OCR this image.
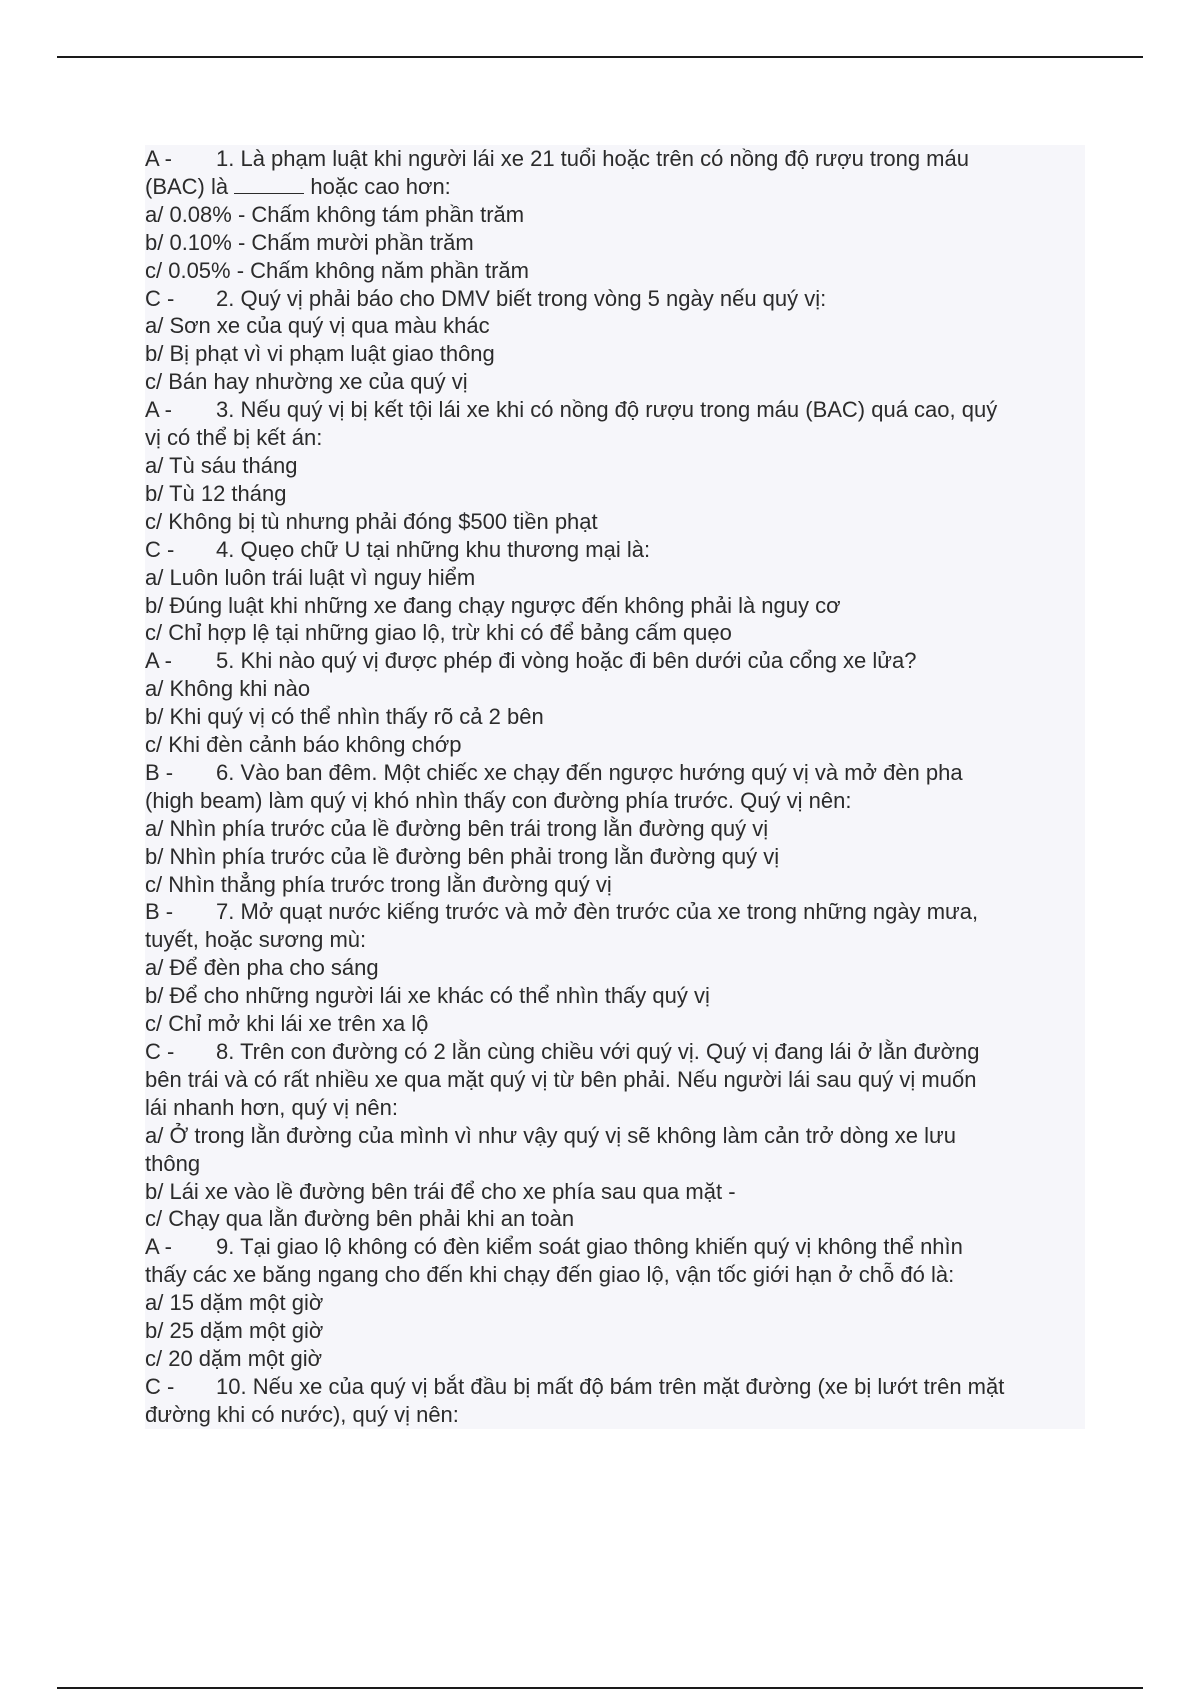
A - 1. Là phạm luật khi người lái xe 21 tuổi hoặc trên có nồng độ rượu trong máu
(BAC) là	hoặc cao hơn:
a/ 0.08% - Chấm không tám phần trăm
b/ 0.10% - Chấm mười phần trăm
c/ 0.05% - Chấm không năm phần trăm
C - 2. Quý vị phải báo cho DMV biết trong vòng 5 ngày nếu quý vị:
a/ Sơn xe của quý vị qua màu khác
b/ Bị phạt vì vi phạm luật giao thông
c/ Bán hay nhường xe của quý vị
A - 3. Nếu quý vị bị kết tội lái xe khi có nồng độ rượu trong máu (BAC) quá cao, quý
vị có thể bị kết án:
a/ Tù sáu tháng
b/ Tù 12 tháng
c/ Không bị tù nhưng phải đóng $500 tiền phạt
C - 4. Quẹo chữ U tại những khu thương mại là:
a/ Luôn luôn trái luật vì nguy hiểm
b/ Đúng luật khi những xe đang chạy ngược đến không phải là nguy cơ
c/ Chỉ hợp lệ tại những giao lộ, trừ khi có để bảng cấm quẹo
A - 5. Khi nào quý vị được phép đi vòng hoặc đi bên dưới của cổng xe lửa?
a/ Không khi nào
b/ Khi quý vị có thể nhìn thấy rõ cả 2 bên
c/ Khi đèn cảnh báo không chớp
B - 6. Vào ban đêm. Một chiếc xe chạy đến ngược hướng quý vị và mở đèn pha
(high beam) làm quý vị khó nhìn thấy con đường phía trước. Quý vị nên:
a/ Nhìn phía trước của lề đường bên trái trong lằn đường quý vị
b/ Nhìn phía trước của lề đường bên phải trong lằn đường quý vị
c/ Nhìn thẳng phía trước trong lằn đường quý vị
B - 7. Mở quạt nước kiếng trước và mở đèn trước của xe trong những ngày mưa,
tuyết, hoặc sương mù:
a/ Để đèn pha cho sáng
b/ Để cho những người lái xe khác có thể nhìn thấy quý vị
c/ Chỉ mở khi lái xe trên xa lộ
C - 8. Trên con đường có 2 lằn cùng chiều với quý vị. Quý vị đang lái ở lằn đường
bên trái và có rất nhiều xe qua mặt quý vị từ bên phải. Nếu người lái sau quý vị muốn
lái nhanh hơn, quý vị nên:
a/ Ở trong lằn đường của mình vì như vậy quý vị sẽ không làm cản trở dòng xe lưu
thông
b/ Lái xe vào lề đường bên trái để cho xe phía sau qua mặt -
c/ Chạy qua lằn đường bên phải khi an toàn
A - 9. Tại giao lộ không có đèn kiểm soát giao thông khiến quý vị không thể nhìn
thấy các xe băng ngang cho đến khi chạy đến giao lộ, vận tốc giới hạn ở chỗ đó là:
a/ 15 dặm một giờ
b/ 25 dặm một giờ
c/ 20 dặm một giờ
C - 10. Nếu xe của quý vị bắt đầu bị mất độ bám trên mặt đường (xe bị lướt trên mặt
đường khi có nước), quý vị nên:
